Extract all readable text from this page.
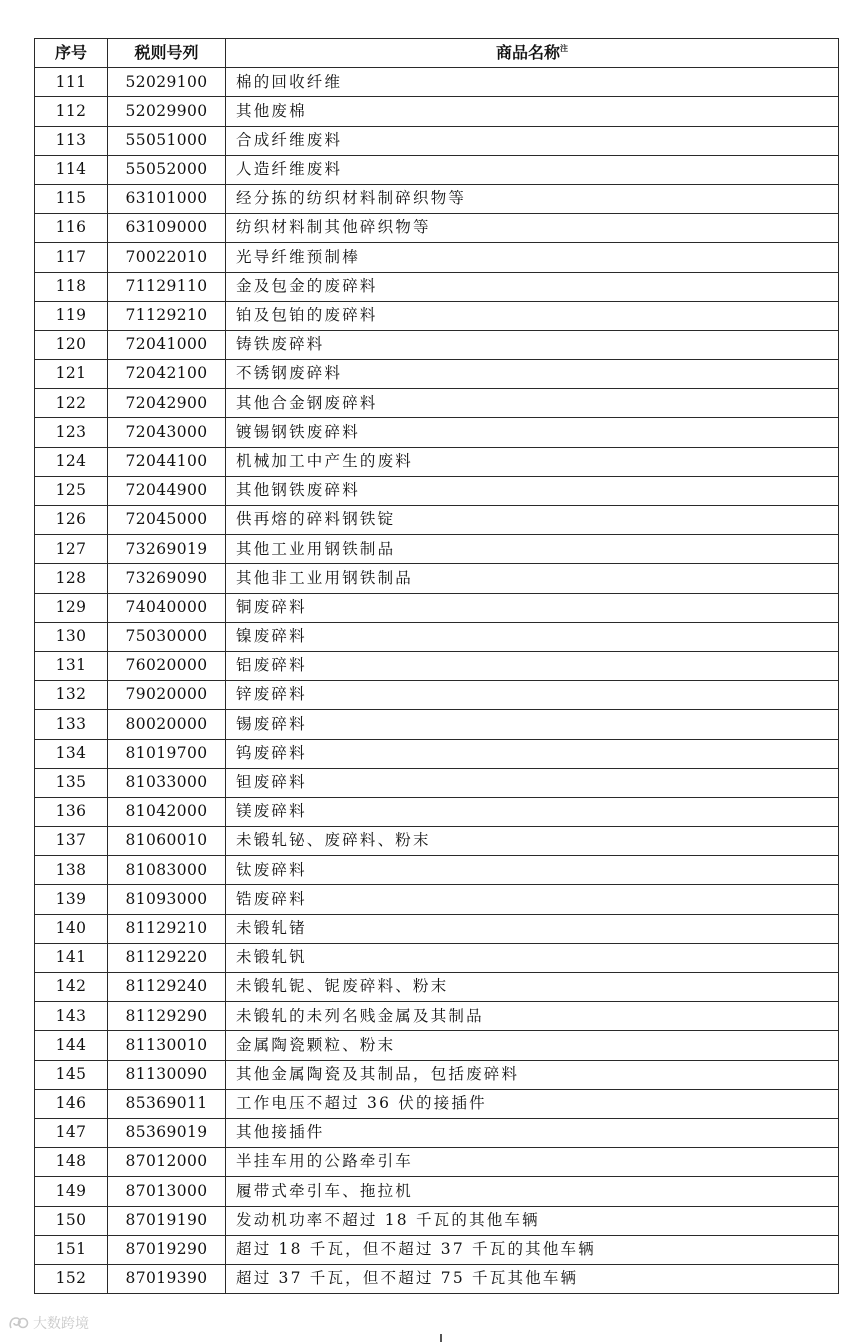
序号	税则号列	商品名称$^注$
111	52029100	棉的回收纤维
112	52029900	其他废棉
113	55051000	合成纤维废料
114	55052000	人造纤维废料
115	63101000	经分拣的纺织材料制碎织物等
116	63109000	纺织材料制其他碎织物等
117	70022010	光导纤维预制棒
118	71129110	金及包金的废碎料
119	71129210	铂及包铂的废碎料
120	72041000	铸铁废碎料
121	72042100	不锈钢废碎料
122	72042900	其他合金钢废碎料
123	72043000	镀锡钢铁废碎料
124	72044100	机械加工中产生的废料
125	72044900	其他钢铁废碎料
126	72045000	供再熔的碎料钢铁锭
127	73269019	其他工业用钢铁制品
128	73269090	其他非工业用钢铁制品
129	74040000	铜废碎料
130	75030000	镍废碎料
131	76020000	铝废碎料
132	79020000	锌废碎料
133	80020000	锡废碎料
134	81019700	钨废碎料
135	81033000	钽废碎料
136	81042000	镁废碎料
137	81060010	未锻轧铋、废碎料、粉末
138	81083000	钛废碎料
139	81093000	锆废碎料
140	81129210	未锻轧锗
141	81129220	未锻轧钒
142	81129240	未锻轧铌、铌废碎料、粉末
143	81129290	未锻轧的未列名贱金属及其制品
144	81130010	金属陶瓷颗粒、粉末
145	81130090	其他金属陶瓷及其制品，包括废碎料
146	85369011	工作电压不超过 36 伏的接插件
147	85369019	其他接插件
148	87012000	半挂车用的公路牵引车
149	87013000	履带式牵引车、拖拉机
150	87019190	发动机功率不超过 18 千瓦的其他车辆
151	87019290	超过 18 千瓦，但不超过 37 千瓦的其他车辆
152	87019390	超过 37 千瓦，但不超过 75 千瓦其他车辆
大数跨境
